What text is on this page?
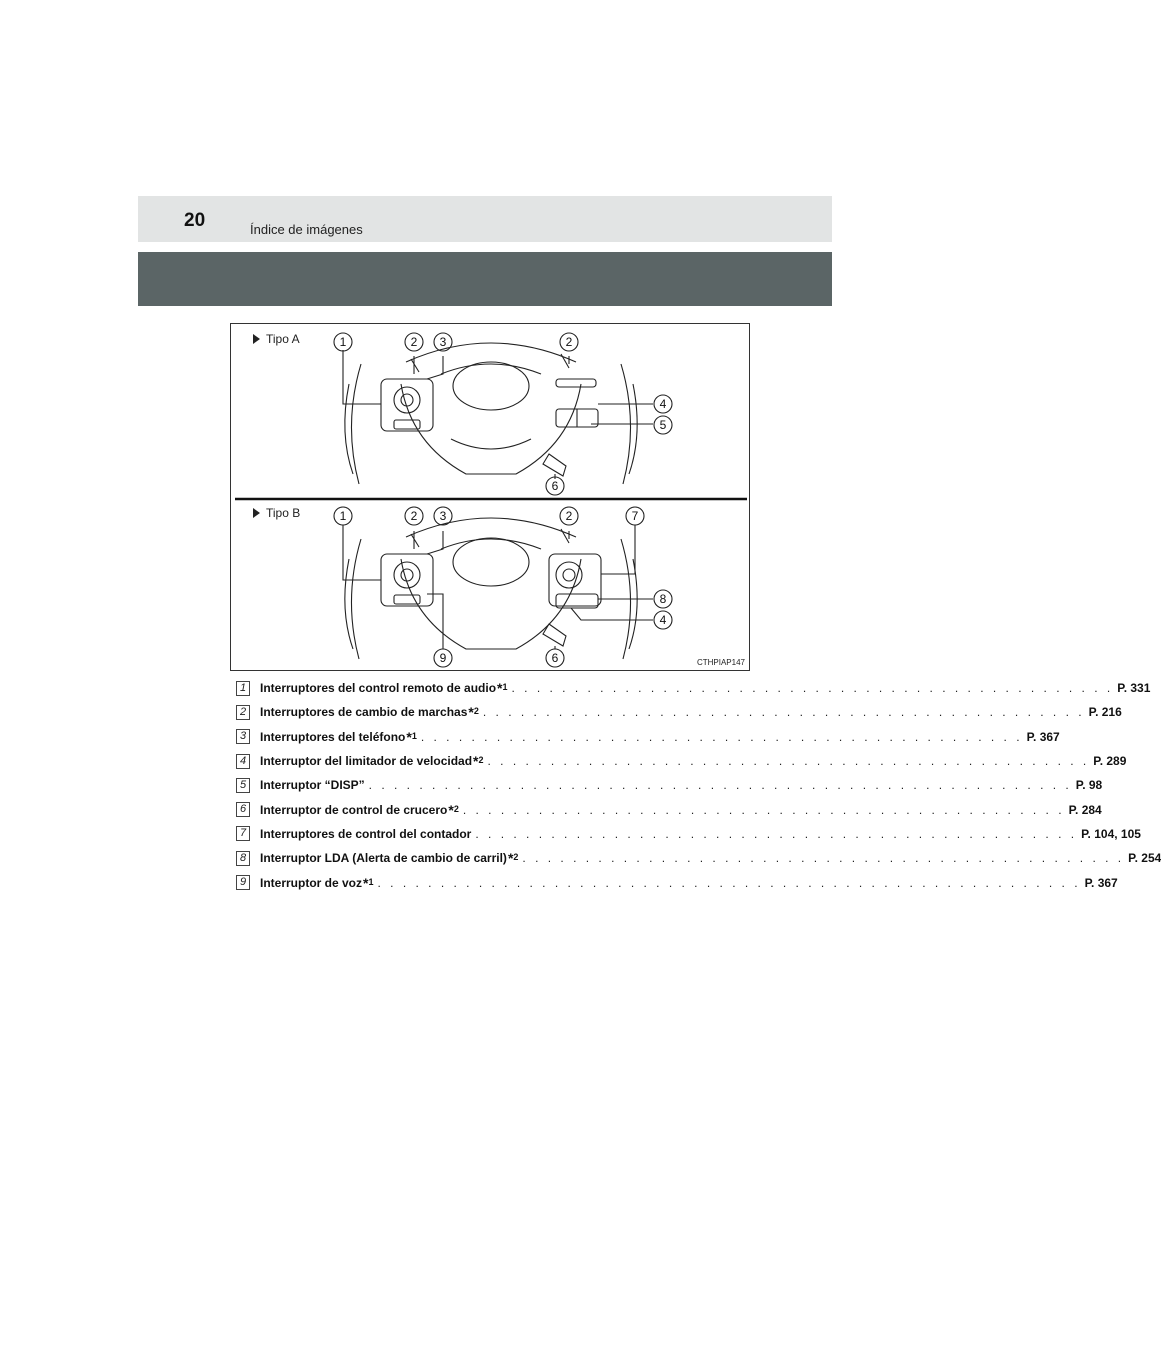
20	Índice de imágenes
1	2 3	2
4
5
6
1	2 3	2	7
8
4
9	6
Tipo A
Tipo B
CTHPIAP147
1	Interruptores del control remoto de audio *1 . . . . . . . . . . . . . . . . . . . . . . . . . . . . . . . . . . . . . . . . . . . . . . . . P. 331
2	Interruptores de cambio de marchas *2 . . . . . . . . . . . . . . . . . . . . . . . . . . . . . . . . . . . . . . . . . . . . . . . . P. 216
3	Interruptores del teléfono *1 . . . . . . . . . . . . . . . . . . . . . . . . . . . . . . . . . . . . . . . . . . . . . . . . P. 367
4	Interruptor del limitador de velocidad *2 . . . . . . . . . . . . . . . . . . . . . . . . . . . . . . . . . . . . . . . . . . . . . . . . P. 289
5	Interruptor “DISP” . . . . . . . . . . . . . . . . . . . . . . . . . . . . . . . . . . . . . . . . . . . . . . . . . . . . . . . . P. 98
6	Interruptor de control de crucero *2 . . . . . . . . . . . . . . . . . . . . . . . . . . . . . . . . . . . . . . . . . . . . . . . . P. 284
7	Interruptores de control del contador . . . . . . . . . . . . . . . . . . . . . . . . . . . . . . . . . . . . . . . . . . . . . . . . P. 104, 105
8	Interruptor LDA (Alerta de cambio de carril) *2 . . . . . . . . . . . . . . . . . . . . . . . . . . . . . . . . . . . . . . . . . . . . . . . . P. 254
9	Interruptor de voz *1 . . . . . . . . . . . . . . . . . . . . . . . . . . . . . . . . . . . . . . . . . . . . . . . . . . . . . . . . P. 367
